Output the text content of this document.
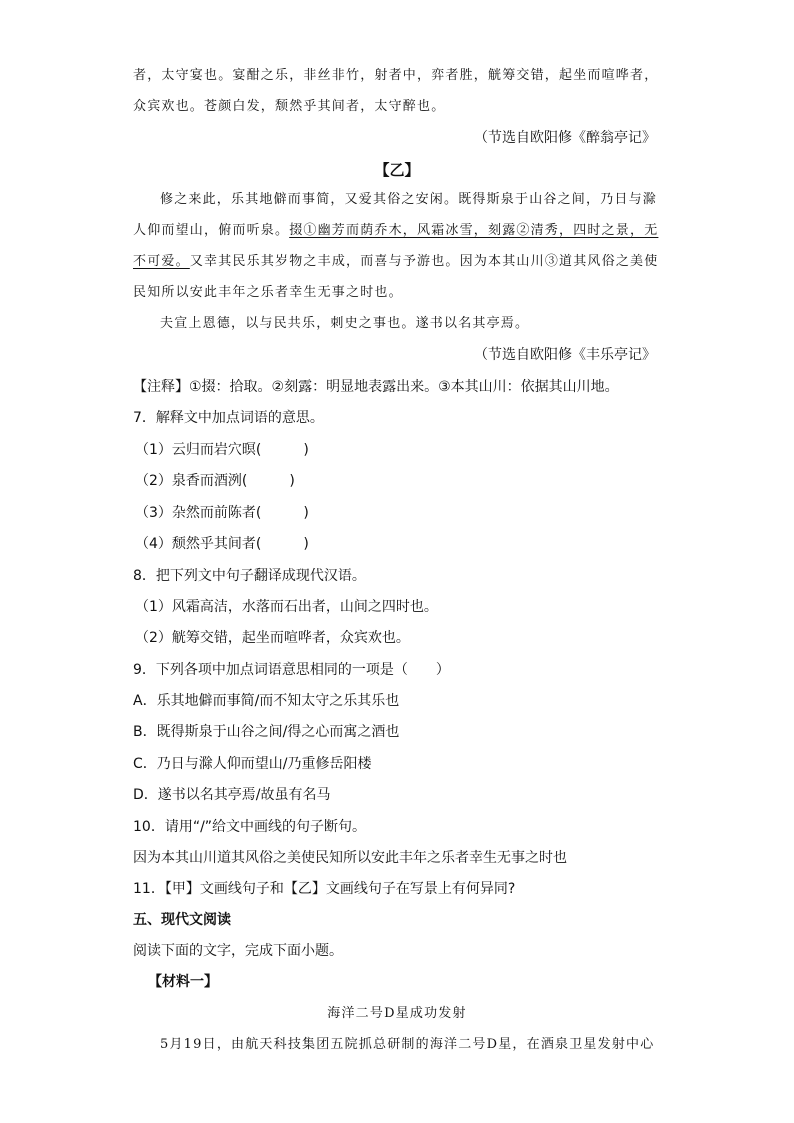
者，太守宴也。宴酣之乐，非丝非竹，射者中，弈者胜，觥筹交错，起坐而喧哗者，
众宾欢也。苍颜白发，颓然乎其间者，太守醉也。
（节选自欧阳修《醉翁亭记》
【乙】
修之来此，乐其地僻而事简，又爱其俗之安闲。既得斯泉于山谷之间，乃日与滁
人仰而望山，俯而听泉。掇①幽芳而荫乔木，风霜冰雪，刻露②清秀，四时之景，无
不可爱。又幸其民乐其岁物之丰成，而喜与予游也。因为本其山川③道其风俗之美使
民知所以安此丰年之乐者幸生无事之时也。
夫宣上恩德，以与民共乐，刺史之事也。遂书以名其亭焉。
（节选自欧阳修《丰乐亭记》
【注释】①掇：拾取。②刻露：明显地表露出来。③本其山川：依据其山川地。
7．解释文中加点词语的意思。
（1）云归而岩穴暝(　　　)
（2）泉香而酒洌(　　　)
（3）杂然而前陈者(　　　)
（4）颓然乎其间者(　　　)
8．把下列文中句子翻译成现代汉语。
（1）风霜高洁，水落而石出者，山间之四时也。
（2）觥筹交错，起坐而喧哗者，众宾欢也。
9．下列各项中加点词语意思相同的一项是（　　）
A．乐其地僻而事简/而不知太守之乐其乐也
B．既得斯泉于山谷之间/得之心而寓之酒也
C．乃日与滁人仰而望山/乃重修岳阳楼
D．遂书以名其亭焉/故虽有名马
10．请用“/”给文中画线的句子断句。
因为本其山川道其风俗之美使民知所以安此丰年之乐者幸生无事之时也
11．【甲】文画线句子和【乙】文画线句子在写景上有何异同?
五、现代文阅读
阅读下面的文字，完成下面小题。
【材料一】
海洋二号D星成功发射
5月19日，由航天科技集团五院抓总研制的海洋二号D星，在酒泉卫星发射中心
